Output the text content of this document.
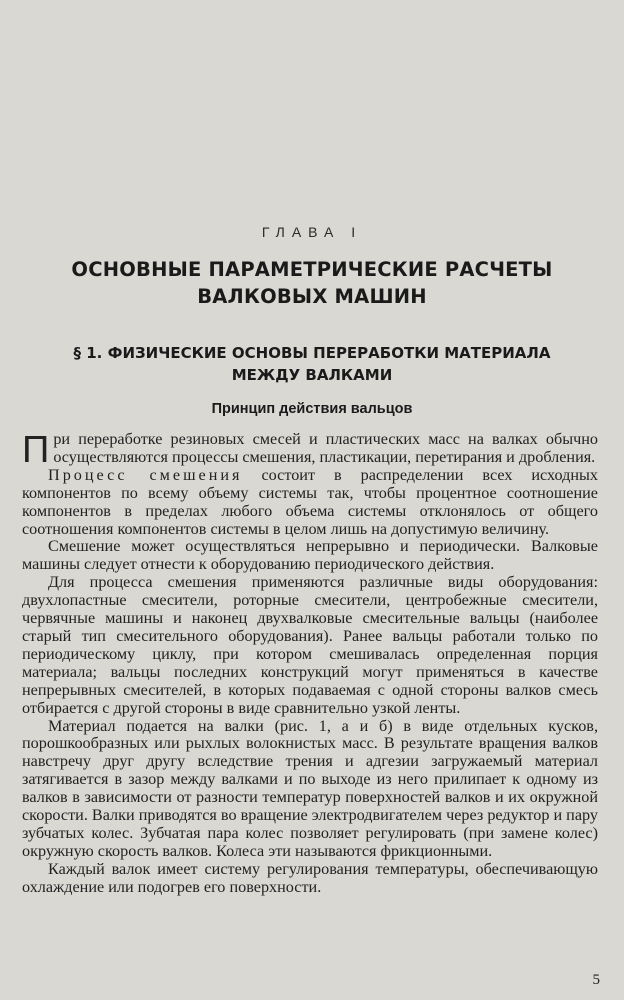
ГЛАВА I
ОСНОВНЫЕ ПАРАМЕТРИЧЕСКИЕ РАСЧЕТЫ
ВАЛКОВЫХ МАШИН
§ 1. ФИЗИЧЕСКИЕ ОСНОВЫ ПЕРЕРАБОТКИ МАТЕРИАЛА
МЕЖДУ ВАЛКАМИ
Принцип действия вальцов

При переработке резиновых смесей и пластических масс на валках обычно осуществляются процессы смешения, пластикации, перетирания и дробления.

Процесс смешения состоит в распределении всех исходных компонентов по всему объему системы так, чтобы процентное соотношение компонентов в пределах любого объема системы отклонялось от общего соотношения компонентов системы в целом лишь на допустимую величину.

Смешение может осуществляться непрерывно и периодически. Валковые машины следует отнести к оборудованию периодического действия.

Для процесса смешения применяются различные виды оборудования: двухлопастные смесители, роторные смесители, центробежные смесители, червячные машины и наконец двухвалковые смесительные вальцы (наиболее старый тип смесительного оборудования). Ранее вальцы работали только по периодическому циклу, при котором смешивалась определенная порция материала; вальцы последних конструкций могут применяться в качестве непрерывных смесителей, в которых подаваемая с одной стороны валков смесь отбирается с другой стороны в виде сравнительно узкой ленты.

Материал подается на валки (рис. 1, а и б) в виде отдельных кусков, порошкообразных или рыхлых волокнистых масс. В результате вращения валков навстречу друг другу вследствие трения и адгезии загружаемый материал затягивается в зазор между валками и по выходе из него прилипает к одному из валков в зависимости от разности температур поверхностей валков и их окружной скорости. Валки приводятся во вращение электродвигателем через редуктор и пару зубчатых колес. Зубчатая пара колес позволяет регулировать (при замене колес) окружную скорость валков. Колеса эти называются фрикционными.

Каждый валок имеет систему регулирования температуры, обеспечивающую охлаждение или подогрев его поверхности.

5
